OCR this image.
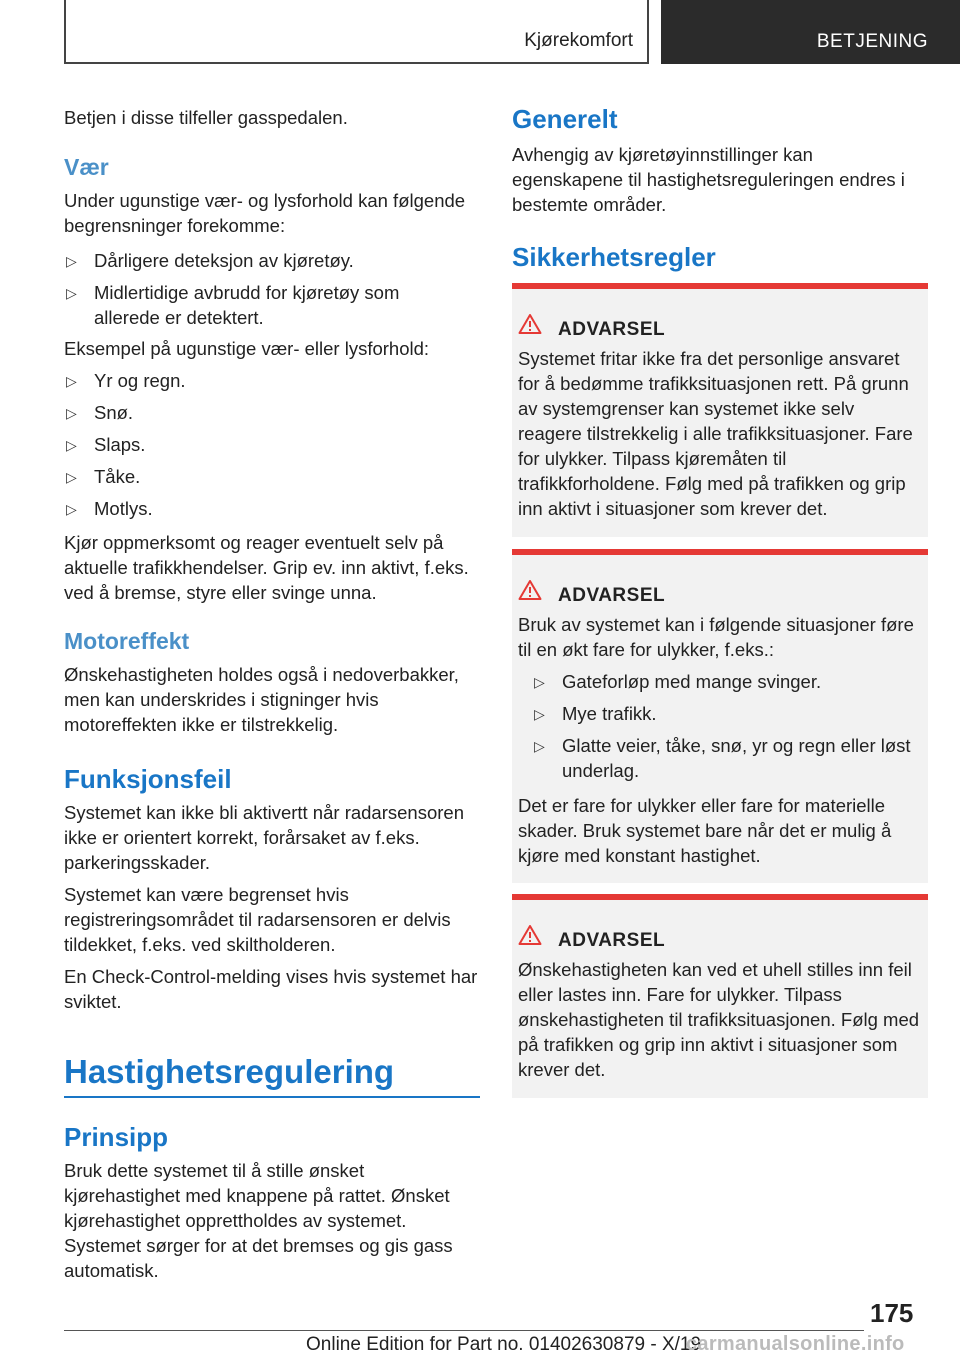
Kjørekomfort	BETJENING

Betjen i disse tilfeller gasspedalen.

Vær

Under ugunstige vær- og lysforhold kan følgende begrensninger forekomme:

▷ Dårligere deteksjon av kjøretøy.
▷ Midlertidige avbrudd for kjøretøy som allerede er detektert.

Eksempel på ugunstige vær- eller lysforhold:

▷ Yr og regn.
▷ Snø.
▷ Slaps.
▷ Tåke.
▷ Motlys.

Kjør oppmerksomt og reager eventuelt selv på aktuelle trafikkhendelser. Grip ev. inn aktivt, f.eks. ved å bremse, styre eller svinge unna.

Motoreffekt

Ønskehastigheten holdes også i nedoverbakker, men kan underskrides i stigninger hvis motoreffekten ikke er tilstrekkelig.

Funksjonsfeil

Systemet kan ikke bli aktivertt når radarsensoren ikke er orientert korrekt, forårsaket av f.eks. parkeringsskader.

Systemet kan være begrenset hvis registreringsområdet til radarsensoren er delvis tildekket, f.eks. ved skiltholderen.

En Check-Control-melding vises hvis systemet har sviktet.

Hastighetsregulering
Prinsipp

Bruk dette systemet til å stille ønsket kjørehastighet med knappene på rattet. Ønsket kjørehastighet opprettholdes av systemet. Systemet sørger for at det bremses og gis gass automatisk.

Generelt

Avhengig av kjøretøyinnstillinger kan egenskapene til hastighetsreguleringen endres i bestemte områder.

Sikkerhetsregler
ADVARSEL

Systemet fritar ikke fra det personlige ansvaret for å bedømme trafikksituasjonen rett. På grunn av systemgrenser kan systemet ikke selv reagere tilstrekkelig i alle trafikksituasjoner. Fare for ulykker. Tilpass kjøremåten til trafikkforholdene. Følg med på trafikken og grip inn aktivt i situasjoner som krever det.

ADVARSEL

Bruk av systemet kan i følgende situasjoner føre til en økt fare for ulykker, f.eks.:

▷ Gateforløp med mange svinger.
▷ Mye trafikk.
▷ Glatte veier, tåke, snø, yr og regn eller løst underlag.

Det er fare for ulykker eller fare for materielle skader. Bruk systemet bare når det er mulig å kjøre med konstant hastighet.

ADVARSEL

Ønskehastigheten kan ved et uhell stilles inn feil eller lastes inn. Fare for ulykker. Tilpass ønskehastigheten til trafikksituasjonen. Følg med på trafikken og grip inn aktivt i situasjoner som krever det.

175
Online Edition for Part no. 01402630879 - X/19
carmanualsonline.info
